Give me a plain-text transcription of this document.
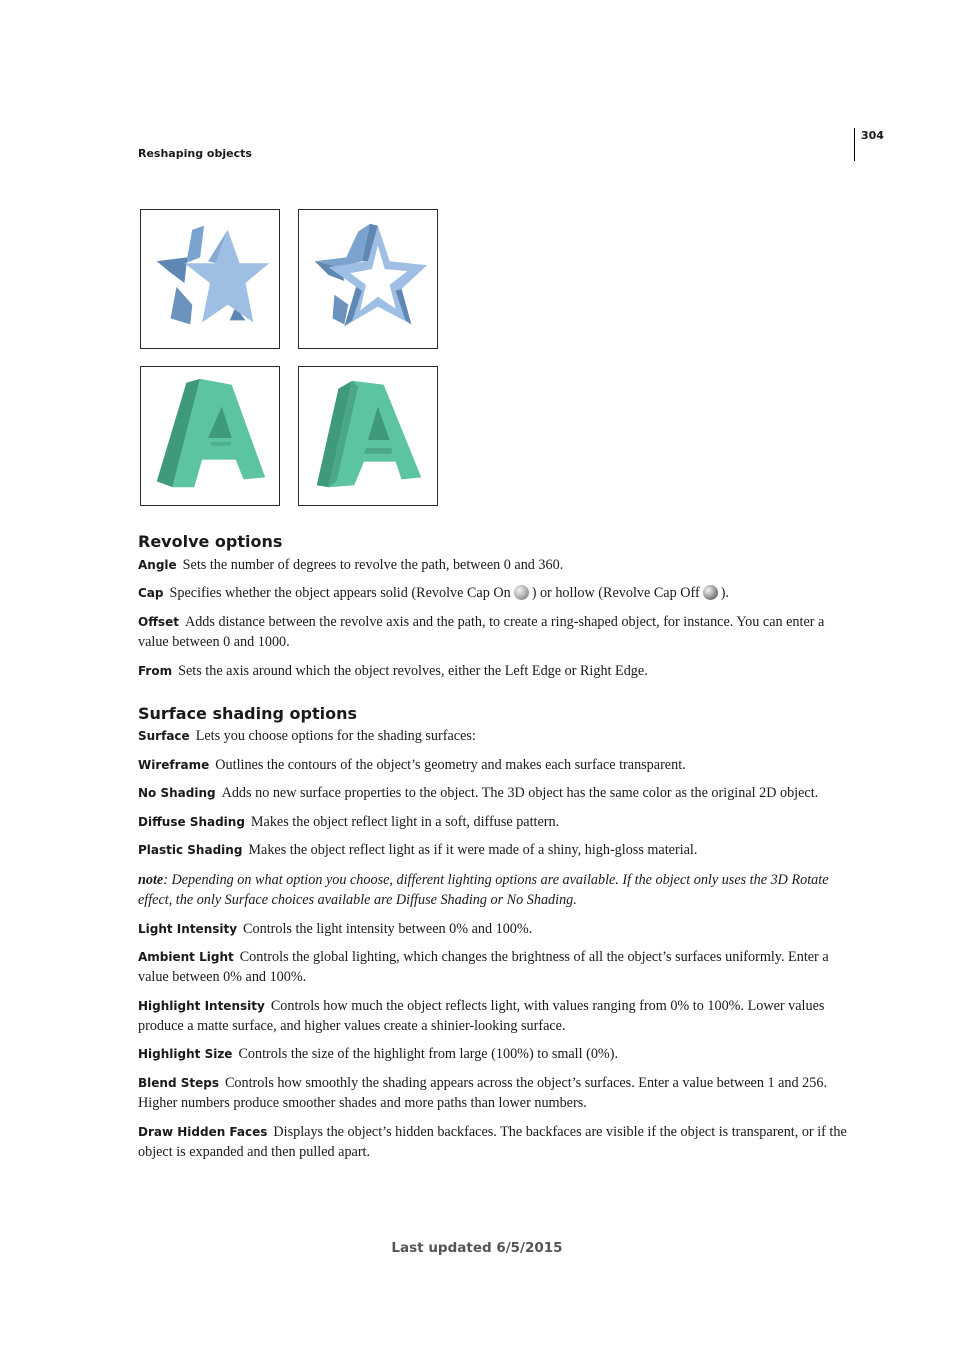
304
Reshaping objects
Revolve options
Angle Sets the number of degrees to revolve the path, between 0 and 360.
Cap Specifies whether the object appears solid (Revolve Cap On ) or hollow (Revolve Cap Off ).
Offset Adds distance between the revolve axis and the path, to create a ring-shaped object, for instance. You can enter a value between 0 and 1000.
From Sets the axis around which the object revolves, either the Left Edge or Right Edge.
Surface shading options
Surface Lets you choose options for the shading surfaces:
Wireframe Outlines the contours of the object’s geometry and makes each surface transparent.
No Shading Adds no new surface properties to the object. The 3D object has the same color as the original 2D object.
Diffuse Shading Makes the object reflect light in a soft, diffuse pattern.
Plastic Shading Makes the object reflect light as if it were made of a shiny, high-gloss material.
note: Depending on what option you choose, different lighting options are available. If the object only uses the 3D Rotate effect, the only Surface choices available are Diffuse Shading or No Shading.
Light Intensity Controls the light intensity between 0% and 100%.
Ambient Light Controls the global lighting, which changes the brightness of all the object’s surfaces uniformly. Enter a value between 0% and 100%.
Highlight Intensity Controls how much the object reflects light, with values ranging from 0% to 100%. Lower values produce a matte surface, and higher values create a shinier-looking surface.
Highlight Size Controls the size of the highlight from large (100%) to small (0%).
Blend Steps Controls how smoothly the shading appears across the object’s surfaces. Enter a value between 1 and 256. Higher numbers produce smoother shades and more paths than lower numbers.
Draw Hidden Faces Displays the object’s hidden backfaces. The backfaces are visible if the object is transparent, or if the object is expanded and then pulled apart.
Last updated 6/5/2015
